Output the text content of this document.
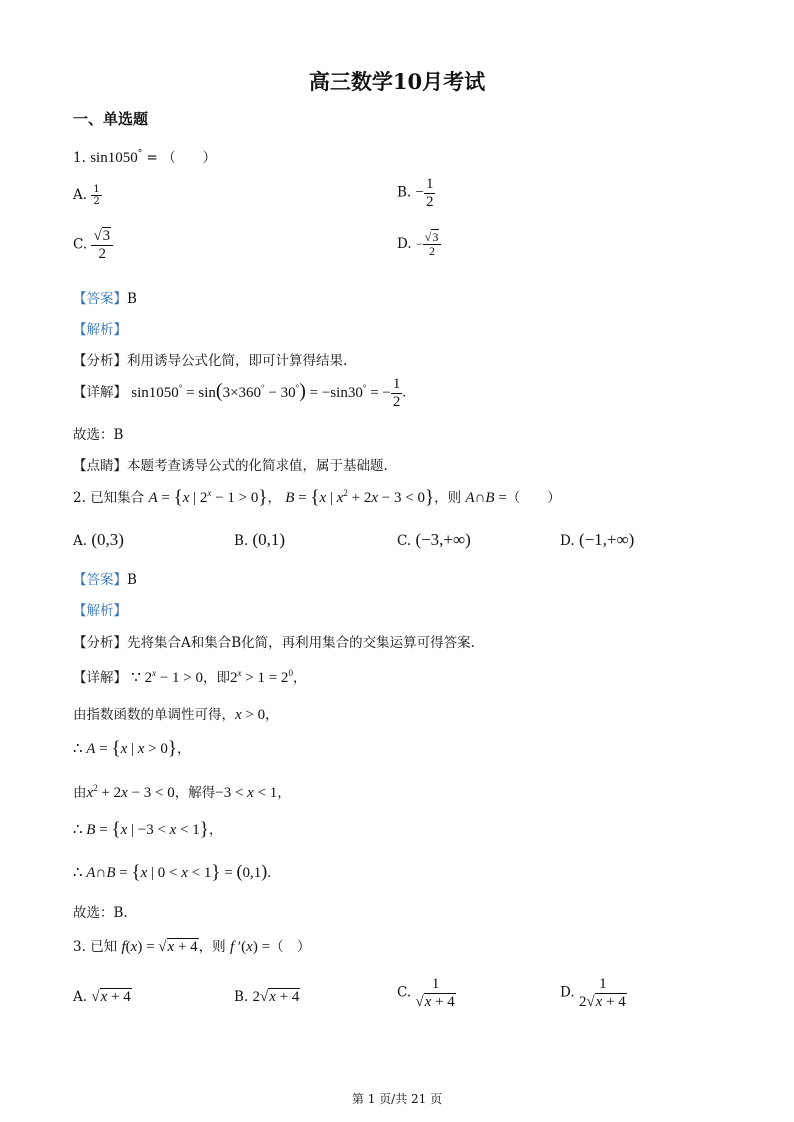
高三数学10月考试
一、单选题
1. sin1050° = （　　）
A. $\frac{1}{2}$	B. − $\frac{1}{2}$
C. $\frac{√3}{2}$	D. − $\frac{√3}{2}$
【答案】B
【解析】
【分析】利用诱导公式化简，即可计算得结果.
【详解】 sin1050° = sin(3×360° − 30°) = −sin30° = − $\frac{1}{2}$ .
故选：B
【点睛】本题考查诱导公式的化简求值，属于基础题.
2. 已知集合 A = {x | $2^x - 1 > 0$}， B = {x | $x^2 + 2x - 3 < 0$}，则 A∩B =（　　）
A. (0,3)	B. (0,1)	C. (−3,+∞)	D. (−1,+∞)
【答案】B
【解析】
【分析】先将集合A和集合B化简，再利用集合的交集运算可得答案.
【详解】 ∵ $2^x - 1 > 0$，即$2^x > 1 = 2^0$，
由指数函数的单调性可得，x > 0，
∴ A = {x | x > 0}，
由$x^2 + 2x - 3 < 0$，解得−3 < x < 1，
∴ B = {x | −3 < x < 1}，
∴ A∩B = {x | 0 < x < 1} = (0,1).
故选：B.
3. 已知 f(x) = √x + 4，则 f ′(x) =（　）
A. √x + 4	B. 2√x + 4	C. $\frac{1}{√x + 4}$	D. $\frac{1}{2√x + 4}$
第 1 页/共 21 页
